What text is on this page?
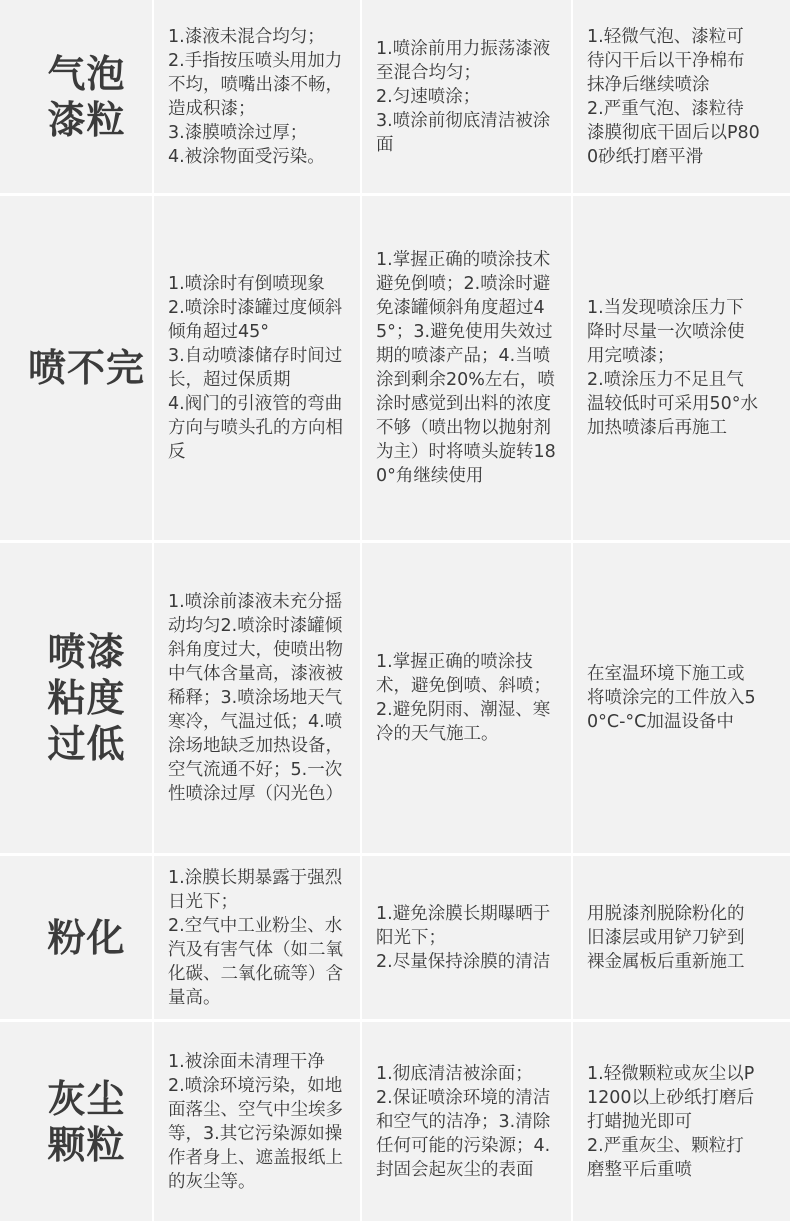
气泡
漆粒
1.漆液未混合均匀；
2.手指按压喷头用加力不均，喷嘴出漆不畅，造成积漆；
3.漆膜喷涂过厚；
4.被涂物面受污染。
1.喷涂前用力振荡漆液至混合均匀；
2.匀速喷涂；
3.喷涂前彻底清洁被涂面
1.轻微气泡、漆粒可待闪干后以干净棉布抹净后继续喷涂
2.严重气泡、漆粒待漆膜彻底干固后以P800砂纸打磨平滑
喷不完
1.喷涂时有倒喷现象
2.喷涂时漆罐过度倾斜倾角超过45°
3.自动喷漆储存时间过长，超过保质期
4.阀门的引液管的弯曲方向与喷头孔的方向相反
1.掌握正确的喷涂技术避免倒喷；2.喷涂时避免漆罐倾斜角度超过45°；3.避免使用失效过期的喷漆产品；4.当喷涂到剩余20%左右，喷涂时感觉到出料的浓度不够（喷出物以抛射剂为主）时将喷头旋转180°角继续使用
1.当发现喷涂压力下降时尽量一次喷涂使用完喷漆；
2.喷涂压力不足且气温较低时可采用50°水加热喷漆后再施工
喷漆
粘度
过低
1.喷涂前漆液未充分摇动均匀2.喷涂时漆罐倾斜角度过大，使喷出物中气体含量高，漆液被稀释；3.喷涂场地天气寒冷，气温过低；4.喷涂场地缺乏加热设备，空气流通不好；5.一次性喷涂过厚（闪光色）
1.掌握正确的喷涂技术，避免倒喷、斜喷；
2.避免阴雨、潮湿、寒冷的天气施工。
在室温环境下施工或将喷涂完的工件放入50°C-°C加温设备中
粉化
1.涂膜长期暴露于强烈日光下；
2.空气中工业粉尘、水汽及有害气体（如二氧化碳、二氧化硫等）含量高。
1.避免涂膜长期曝晒于阳光下；
2.尽量保持涂膜的清洁
用脱漆剂脱除粉化的旧漆层或用铲刀铲到裸金属板后重新施工
灰尘
颗粒
1.被涂面未清理干净
2.喷涂环境污染，如地面落尘、空气中尘埃多等，3.其它污染源如操作者身上、遮盖报纸上的灰尘等。
1.彻底清洁被涂面；
2.保证喷涂环境的清洁和空气的洁净；3.清除任何可能的污染源；4.封固会起灰尘的表面
1.轻微颗粒或灰尘以P1200以上砂纸打磨后打蜡抛光即可
2.严重灰尘、颗粒打磨整平后重喷
